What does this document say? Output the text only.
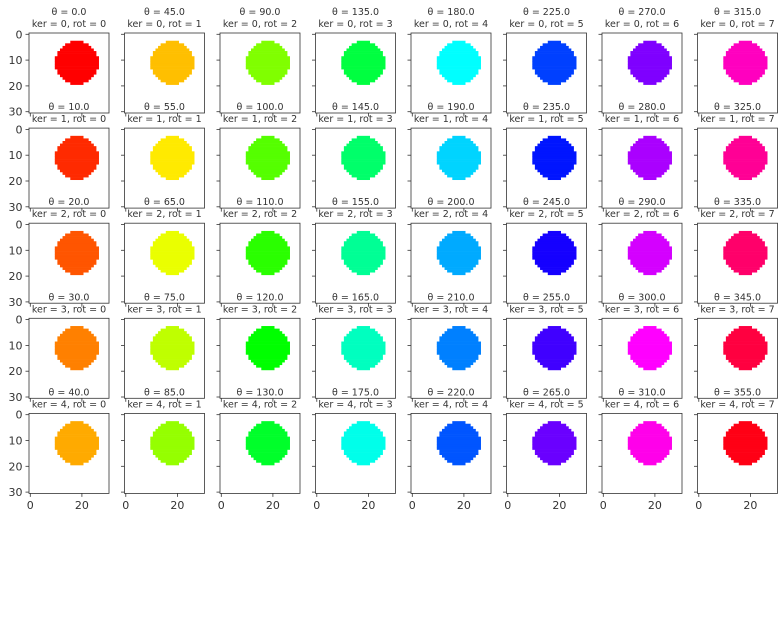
θ = 0.0
ker = 0, rot = 0
0
10
20
30
θ = 45.0
ker = 0, rot = 1
θ = 90.0
ker = 0, rot = 2
θ = 135.0
ker = 0, rot = 3
θ = 180.0
ker = 0, rot = 4
θ = 225.0
ker = 0, rot = 5
θ = 270.0
ker = 0, rot = 6
θ = 315.0
ker = 0, rot = 7
θ = 10.0
ker = 1, rot = 0
0
10
20
30
θ = 55.0
ker = 1, rot = 1
θ = 100.0
ker = 1, rot = 2
θ = 145.0
ker = 1, rot = 3
θ = 190.0
ker = 1, rot = 4
θ = 235.0
ker = 1, rot = 5
θ = 280.0
ker = 1, rot = 6
θ = 325.0
ker = 1, rot = 7
θ = 20.0
ker = 2, rot = 0
0
10
20
30
θ = 65.0
ker = 2, rot = 1
θ = 110.0
ker = 2, rot = 2
θ = 155.0
ker = 2, rot = 3
θ = 200.0
ker = 2, rot = 4
θ = 245.0
ker = 2, rot = 5
θ = 290.0
ker = 2, rot = 6
θ = 335.0
ker = 2, rot = 7
θ = 30.0
ker = 3, rot = 0
0
10
20
30
θ = 75.0
ker = 3, rot = 1
θ = 120.0
ker = 3, rot = 2
θ = 165.0
ker = 3, rot = 3
θ = 210.0
ker = 3, rot = 4
θ = 255.0
ker = 3, rot = 5
θ = 300.0
ker = 3, rot = 6
θ = 345.0
ker = 3, rot = 7
θ = 40.0
ker = 4, rot = 0
0
10
20
30
0	20
θ = 85.0
ker = 4, rot = 1
0	20
θ = 130.0
ker = 4, rot = 2
0	20
θ = 175.0
ker = 4, rot = 3
0	20
θ = 220.0
ker = 4, rot = 4
0	20
θ = 265.0
ker = 4, rot = 5
0	20
θ = 310.0
ker = 4, rot = 6
0	20
θ = 355.0
ker = 4, rot = 7
0	20
